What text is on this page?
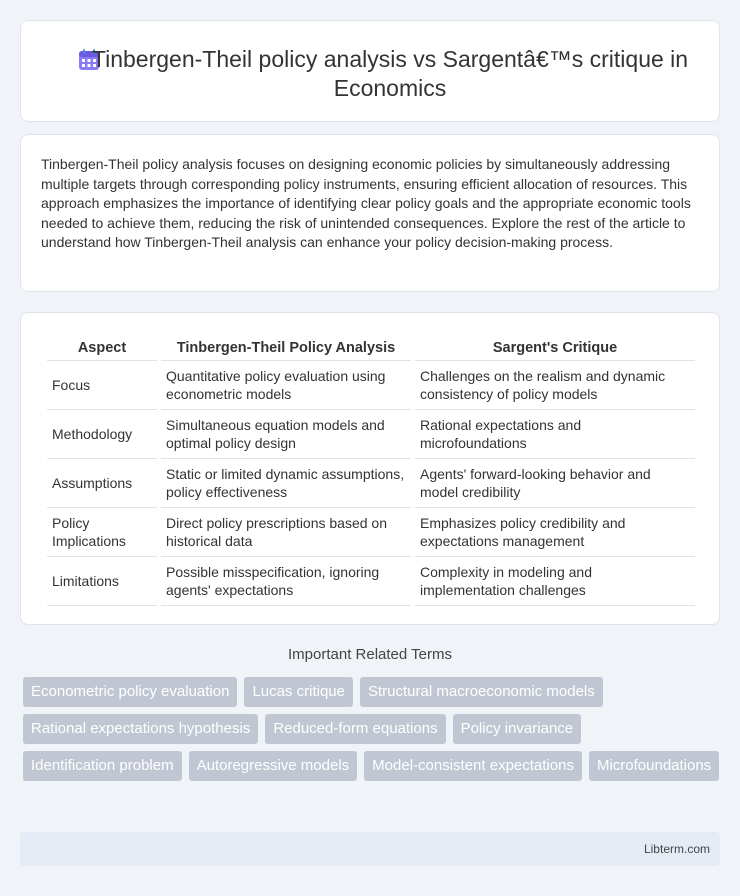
Tinbergen-Theil policy analysis vs Sargentâ€™s critique in Economics

Tinbergen-Theil policy analysis focuses on designing economic policies by simultaneously addressing multiple targets through corresponding policy instruments, ensuring efficient allocation of resources. This approach emphasizes the importance of identifying clear policy goals and the appropriate economic tools needed to achieve them, reducing the risk of unintended consequences. Explore the rest of the article to understand how Tinbergen-Theil analysis can enhance your policy decision-making process.

Aspect	Tinbergen-Theil Policy Analysis	Sargent's Critique
Focus	Quantitative policy evaluation using econometric models	Challenges on the realism and dynamic consistency of policy models
Methodology	Simultaneous equation models and optimal policy design	Rational expectations and microfoundations
Assumptions	Static or limited dynamic assumptions, policy effectiveness	Agents' forward-looking behavior and model credibility
Policy Implications	Direct policy prescriptions based on historical data	Emphasizes policy credibility and expectations management
Limitations	Possible misspecification, ignoring agents' expectations	Complexity in modeling and implementation challenges
Important Related Terms
Econometric policy evaluation	Lucas critique	Structural macroeconomic models
Rational expectations hypothesis	Reduced-form equations	Policy invariance
Identification problem	Autoregressive models	Model-consistent expectations	Microfoundations
Libterm.com
